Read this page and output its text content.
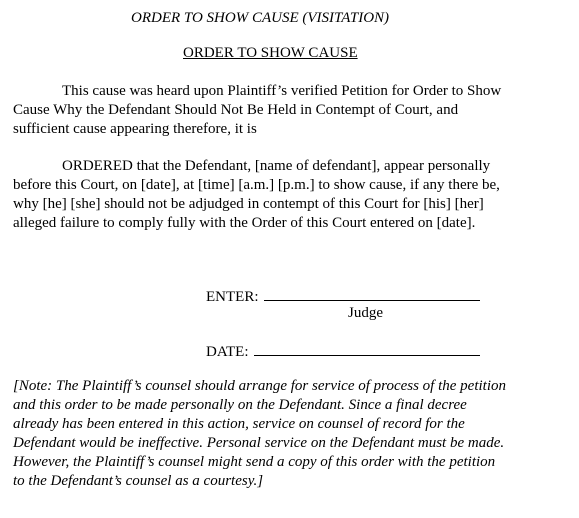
ORDER TO SHOW CAUSE (VISITATION)
ORDER TO SHOW CAUSE
This cause was heard upon Plaintiff’s verified Petition for Order to Show
Cause Why the Defendant Should Not Be Held in Contempt of Court, and
sufficient cause appearing therefore, it is
ORDERED that the Defendant, [name of defendant], appear personally
before this Court, on [date], at [time] [a.m.] [p.m.] to show cause, if any there be,
why [he] [she] should not be adjudged in contempt of this Court for [his] [her]
alleged failure to comply fully with the Order of this Court entered on [date].
ENTER:
Judge
DATE:
[Note: The Plaintiff’s counsel should arrange for service of process of the petition
and this order to be made personally on the Defendant. Since a final decree
already has been entered in this action, service on counsel of record for the
Defendant would be ineffective. Personal service on the Defendant must be made.
However, the Plaintiff’s counsel might send a copy of this order with the petition
to the Defendant’s counsel as a courtesy.]
